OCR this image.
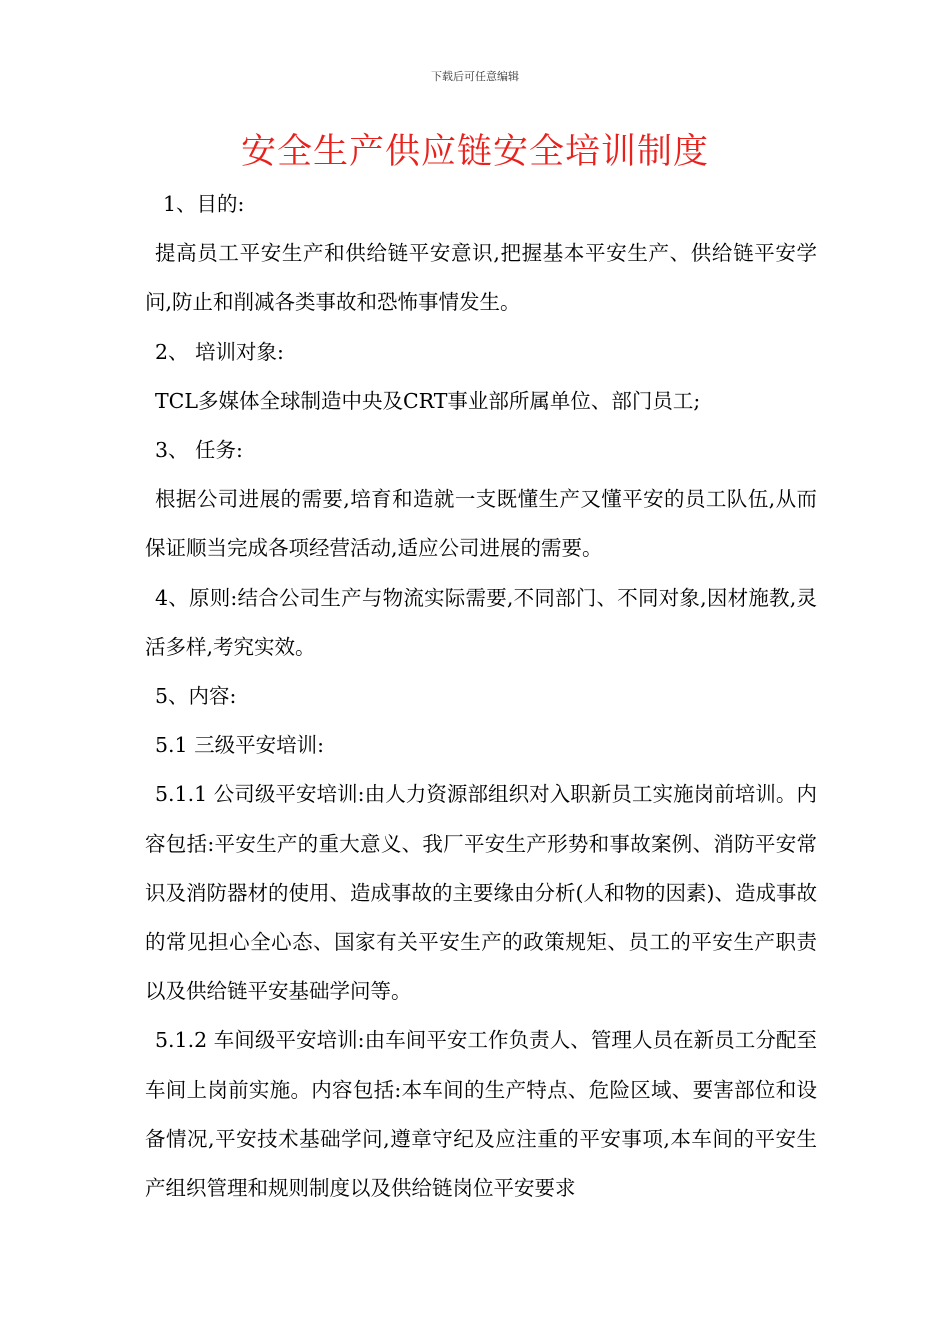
下载后可任意编辑
安全生产供应链安全培训制度

1、目的:

提高员工平安生产和供给链平安意识,把握基本平安生产、供给链平安学问,防止和削减各类事故和恐怖事情发生。

2、 培训对象:

TCL多媒体全球制造中央及CRT事业部所属单位、部门员工;

3、 任务:

根据公司进展的需要,培育和造就一支既懂生产又懂平安的员工队伍,从而保证顺当完成各项经营活动,适应公司进展的需要。

4、原则:结合公司生产与物流实际需要,不同部门、不同对象,因材施教,灵活多样,考究实效。

5、内容:

5.1 三级平安培训:

5.1.1 公司级平安培训:由人力资源部组织对入职新员工实施岗前培训。内容包括:平安生产的重大意义、我厂平安生产形势和事故案例、消防平安常识及消防器材的使用、造成事故的主要缘由分析(人和物的因素)、造成事故的常见担心全心态、国家有关平安生产的政策规矩、员工的平安生产职责以及供给链平安基础学问等。

5.1.2 车间级平安培训:由车间平安工作负责人、管理人员在新员工分配至车间上岗前实施。内容包括:本车间的生产特点、危险区域、要害部位和设备情况,平安技术基础学问,遵章守纪及应注重的平安事项,本车间的平安生产组织管理和规则制度以及供给链岗位平安要求
